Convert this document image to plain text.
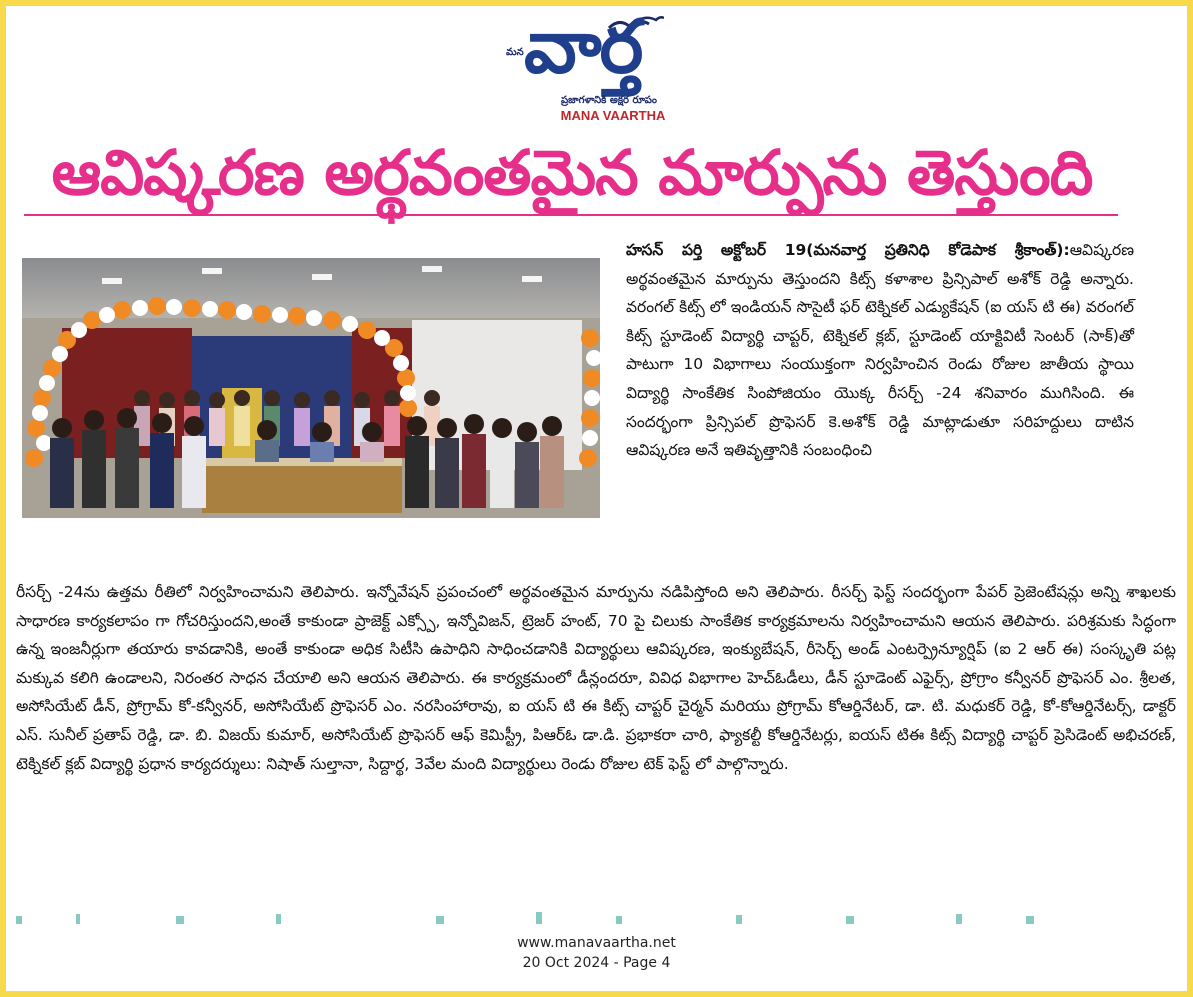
మన వార్త
ప్రజాగళానికి అక్షర రూపం
MANA VAARTHA
ఆవిష్కరణ అర్థవంతమైన మార్పును తెస్తుంది
హసన్ పర్తి అక్టోబర్ 19(మనవార్త ప్రతినిధి కోడెపాక శ్రీకాంత్):ఆవిష్కరణ అర్థవంతమైన మార్పును తెస్తుందని కిట్స్ కళాశాల ప్రిన్సిపాల్ అశోక్ రెడ్డి అన్నారు. వరంగల్ కిట్స్ లో ఇండియన్ సొసైటీ ఫర్ టెక్నికల్ ఎడ్యుకేషన్ (ఐ యస్ టి ఈ) వరంగల్ కిట్స్ స్టూడెంట్ విద్యార్థి చాప్టర్, టెక్నికల్ క్లబ్, స్టూడెంట్ యాక్టివిటీ సెంటర్ (సాక్)తో పాటుగా 10 విభాగాలు సంయుక్తంగా నిర్వహించిన రెండు రోజుల జాతీయ స్థాయి విద్యార్థి సాంకేతిక సింపోజియం యొక్క రీసర్చ్ -24 శనివారం ముగిసింది. ఈ సందర్భంగా ప్రిన్సిపల్ ప్రొఫెసర్ కె.అశోక్ రెడ్డి మాట్లాడుతూ సరిహద్దులు దాటిన ఆవిష్కరణ అనే ఇతివృత్తానికి సంబంధించి
రీసర్చ్ -24ను ఉత్తమ రీతిలో నిర్వహించామని తెలిపారు. ఇన్నోవేషన్ ప్రపంచంలో అర్థవంతమైన మార్పును నడిపిస్తోంది అని తెలిపారు. రీసర్చ్ ఫెస్ట్ సందర్భంగా పేపర్ ప్రెజెంటేషన్లు అన్ని శాఖలకు సాధారణ కార్యకలాపం గా గోచరిస్తుందని,అంతే కాకుండా ప్రాజెక్ట్ ఎక్స్పో, ఇన్నోవిజన్, ట్రెజర్ హంట్, 70 పై చిలుకు సాంకేతిక కార్యక్రమాలను నిర్వహించామని ఆయన తెలిపారు. పరిశ్రమకు సిద్ధంగా ఉన్న ఇంజనీర్లుగా తయారు కావడానికి, అంతే కాకుండా అధిక సిటీసి ఉపాధిని సాధించడానికి విద్యార్థులు ఆవిష్కరణ, ఇంక్యుబేషన్, రీసెర్చ్ అండ్ ఎంటర్ప్రెన్యూర్షిప్ (ఐ 2 ఆర్ ఈ) సంస్కృతి పట్ల మక్కువ కలిగి ఉండాలని, నిరంతర సాధన చేయాలి అని ఆయన తెలిపారు. ఈ కార్యక్రమంలో డీన్లందరూ, వివిధ విభాగాల హెచ్ఓడీలు, డీన్ స్టూడెంట్ ఎఫైర్స్, ప్రోగ్రాం కన్వీనర్ ప్రొఫెసర్ ఎం. శ్రీలత, అసోసియేట్ డీన్, ప్రోగ్రామ్ కో-కన్వీనర్, అసోసియేట్ ప్రొఫెసర్ ఎం. నరసింహారావు, ఐ యస్ టి ఈ కిట్స్ చాప్టర్ చైర్మన్ మరియు ప్రోగ్రామ్ కోఆర్డినేటర్, డా. టి. మధుకర్ రెడ్డి, కో-కోఆర్డినేటర్స్, డాక్టర్ ఎస్. సునీల్ ప్రతాప్ రెడ్డి, డా. బి. విజయ్ కుమార్, అసోసియేట్ ప్రొఫెసర్ ఆఫ్ కెమిస్ట్రీ, పిఆర్ఓ డా.డి. ప్రభాకరా చారి, ఫ్యాకల్టీ కోఆర్డినేటర్లు, ఐయస్ టిఈ కిట్స్ విద్యార్థి చాప్టర్ ప్రెసిడెంట్ అభిచరణ్, టెక్నికల్ క్లబ్ విద్యార్థి ప్రధాన కార్యదర్శులు: నిషాత్ సుల్తానా, సిద్దార్థ, 3వేల మంది విద్యార్థులు రెండు రోజుల టెక్ ఫెస్ట్ లో పాల్గొన్నారు.
www.manavaartha.net
20 Oct 2024 - Page 4
